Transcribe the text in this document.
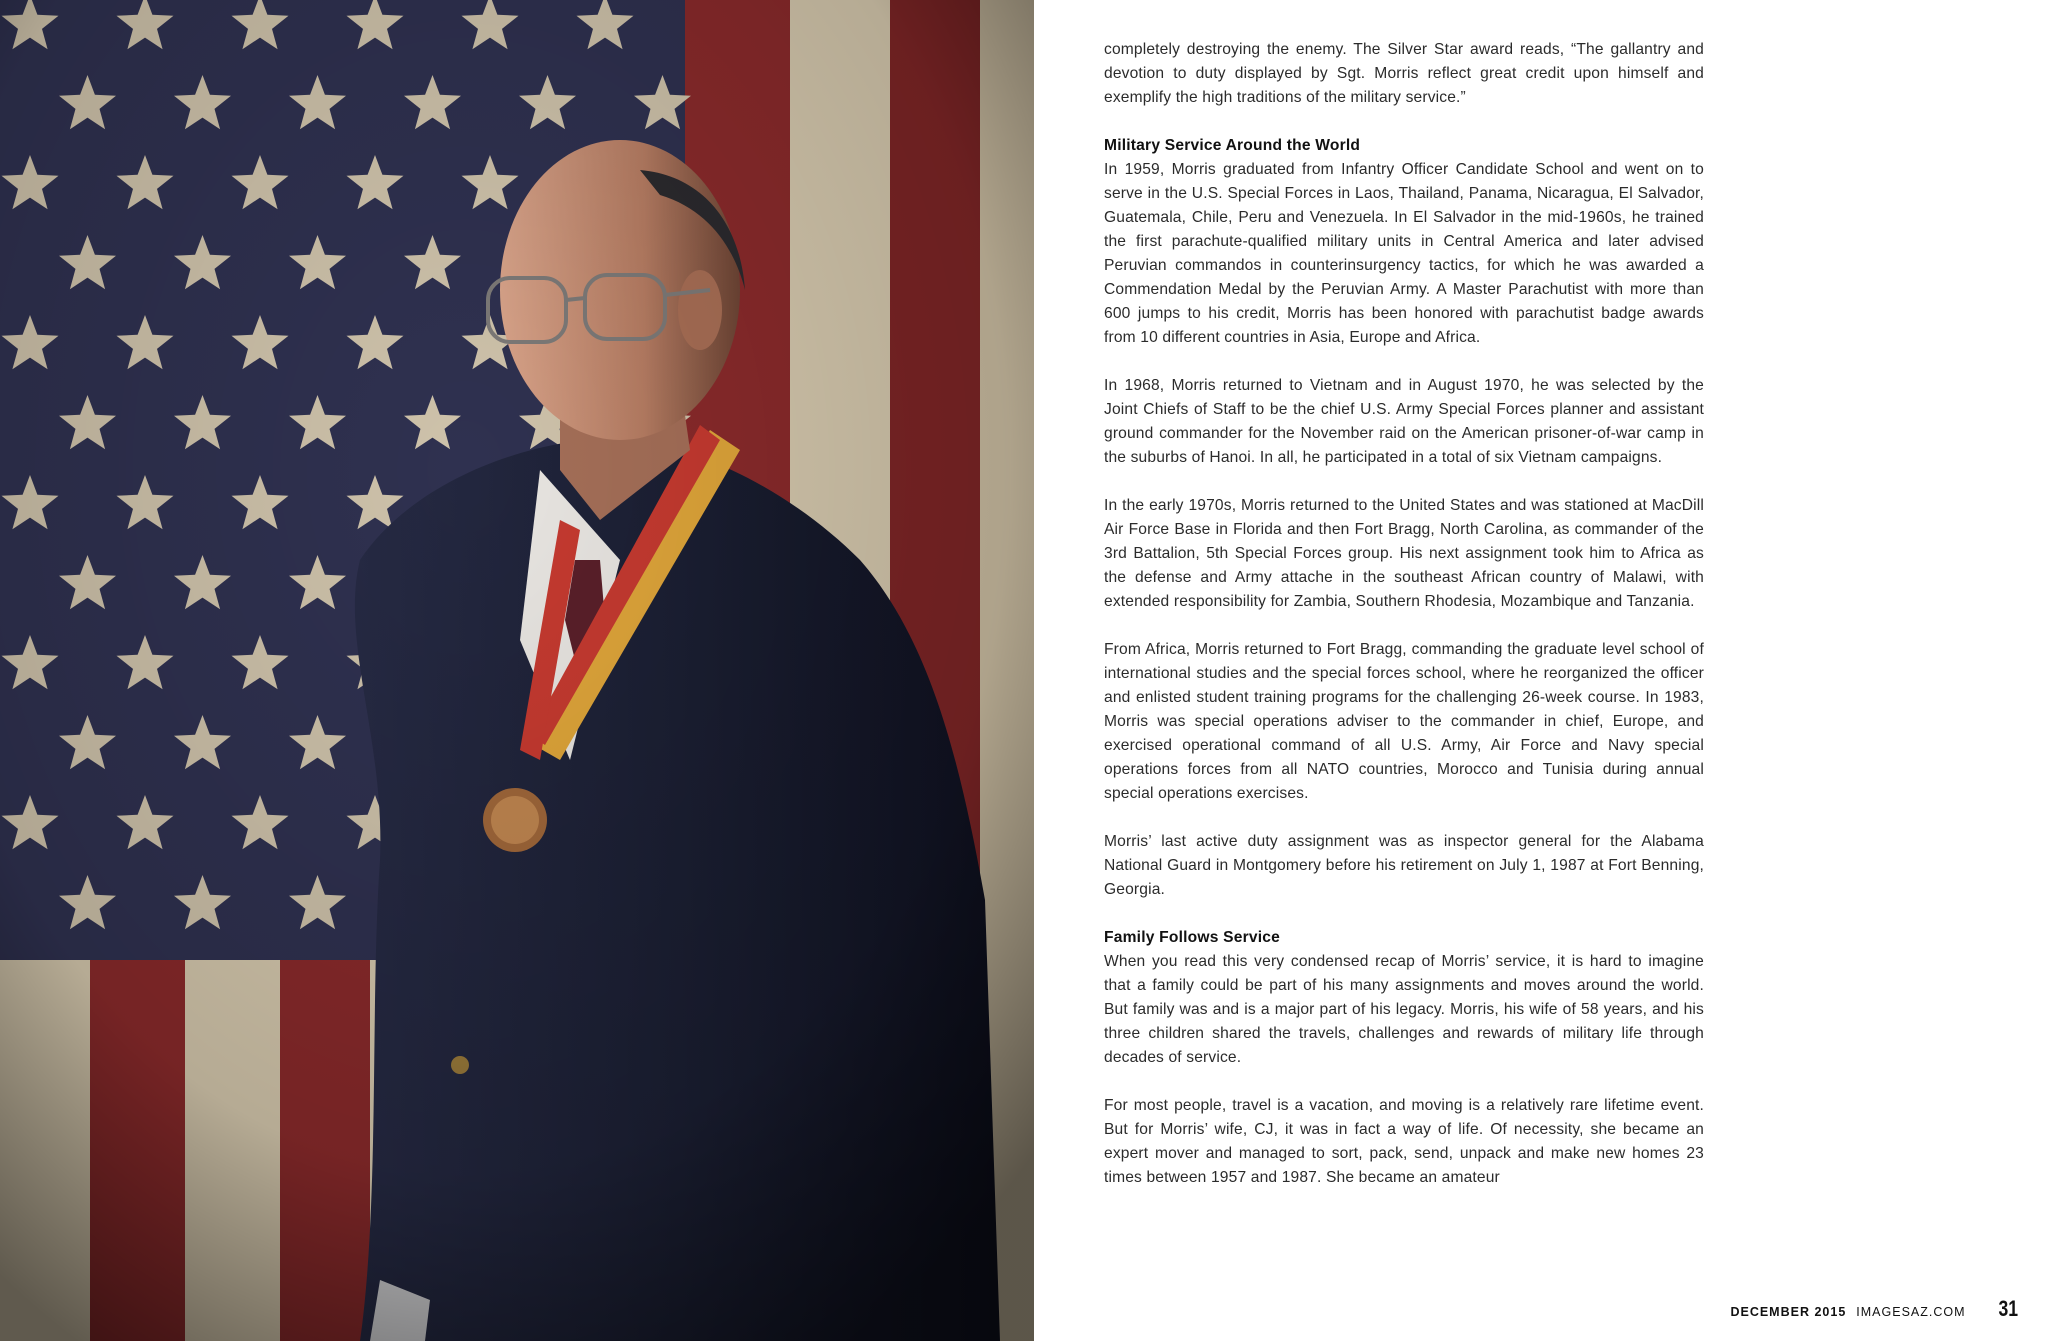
completely destroying the enemy. The Silver Star award reads, “The gallantry and devotion to duty displayed by Sgt. Morris reflect great credit upon himself and exemplify the high traditions of the military service.”

Military Service Around the World

In 1959, Morris graduated from Infantry Officer Candidate School and went on to serve in the U.S. Special Forces in Laos, Thailand, Panama, Nicaragua, El Salvador, Guatemala, Chile, Peru and Venezuela. In El Salvador in the mid-1960s, he trained the first parachute-qualified military units in Central America and later advised Peruvian commandos in counterinsurgency tactics, for which he was awarded a Commendation Medal by the Peruvian Army. A Master Parachutist with more than 600 jumps to his credit, Morris has been honored with parachutist badge awards from 10 different countries in Asia, Europe and Africa.

In 1968, Morris returned to Vietnam and in August 1970, he was selected by the Joint Chiefs of Staff to be the chief U.S. Army Special Forces planner and assistant ground commander for the November raid on the American prisoner-of-war camp in the suburbs of Hanoi. In all, he participated in a total of six Vietnam campaigns.

In the early 1970s, Morris returned to the United States and was stationed at MacDill Air Force Base in Florida and then Fort Bragg, North Carolina, as commander of the 3rd Battalion, 5th Special Forces group. His next assignment took him to Africa as the defense and Army attache in the southeast African country of Malawi, with extended responsibility for Zambia, Southern Rhodesia, Mozambique and Tanzania.

From Africa, Morris returned to Fort Bragg, commanding the graduate level school of international studies and the special forces school, where he reorganized the officer and enlisted student training programs for the challenging 26-week course. In 1983, Morris was special operations adviser to the commander in chief, Europe, and exercised operational command of all U.S. Army, Air Force and Navy special operations forces from all NATO countries, Morocco and Tunisia during annual special operations exercises.

Morris’ last active duty assignment was as inspector general for the Alabama National Guard in Montgomery before his retirement on July 1, 1987 at Fort Benning, Georgia.

Family Follows Service

When you read this very condensed recap of Morris’ service, it is hard to imagine that a family could be part of his many assignments and moves around the world. But family was and is a major part of his legacy. Morris, his wife of 58 years, and his three children shared the travels, challenges and rewards of military life through decades of service.

For most people, travel is a vacation, and moving is a relatively rare lifetime event. But for Morris’ wife, CJ, it was in fact a way of life. Of necessity, she became an expert mover and managed to sort, pack, send, unpack and make new homes 23 times between 1957 and 1987. She became an amateur

DECEMBER 2015 IMAGESAZ.COM 31
